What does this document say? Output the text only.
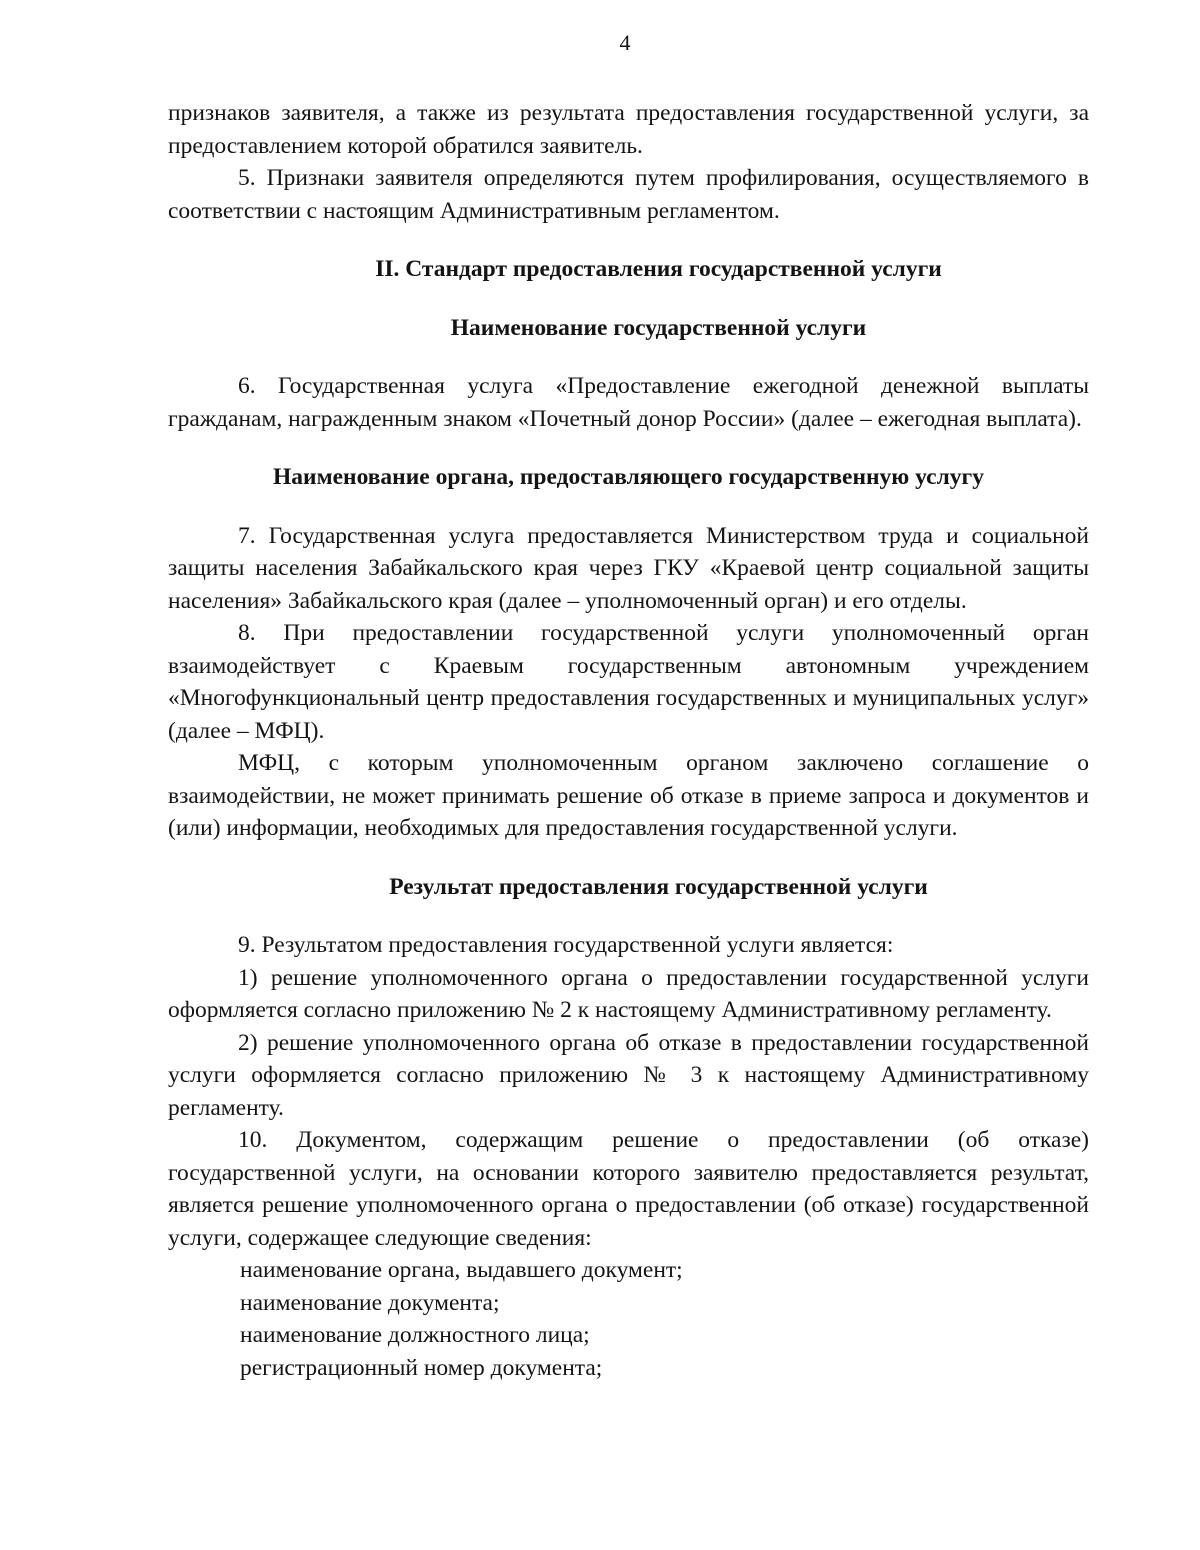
4

признаков заявителя, а также из результата предоставления государственной услуги, за предоставлением которой обратился заявитель.

5. Признаки заявителя определяются путем профилирования, осуществляемого в соответствии с настоящим Административным регламентом.

II. Стандарт предоставления государственной услуги
Наименование государственной услуги

6. Государственная услуга «Предоставление ежегодной денежной выплаты гражданам, награжденным знаком «Почетный донор России» (далее – ежегодная выплата).

Наименование органа, предоставляющего государственную услугу

7. Государственная услуга предоставляется Министерством труда и социальной защиты населения Забайкальского края через ГКУ «Краевой центр социальной защиты населения» Забайкальского края (далее – уполномоченный орган) и его отделы.

8. При предоставлении государственной услуги уполномоченный орган взаимодействует с Краевым государственным автономным учреждением «Многофункциональный центр предоставления государственных и муниципальных услуг» (далее – МФЦ).

МФЦ, с которым уполномоченным органом заключено соглашение о взаимодействии, не может принимать решение об отказе в приеме запроса и документов и (или) информации, необходимых для предоставления государственной услуги.

Результат предоставления государственной услуги

9. Результатом предоставления государственной услуги является:

1) решение уполномоченного органа о предоставлении государственной услуги оформляется согласно приложению № 2 к настоящему Административному регламенту.

2) решение уполномоченного органа об отказе в предоставлении государственной услуги оформляется согласно приложению № 3 к настоящему Административному регламенту.

10. Документом, содержащим решение о предоставлении (об отказе) государственной услуги, на основании которого заявителю предоставляется результат, является решение уполномоченного органа о предоставлении (об отказе) государственной услуги, содержащее следующие сведения:

наименование органа, выдавшего документ;

наименование документа;

наименование должностного лица;

регистрационный номер документа;
